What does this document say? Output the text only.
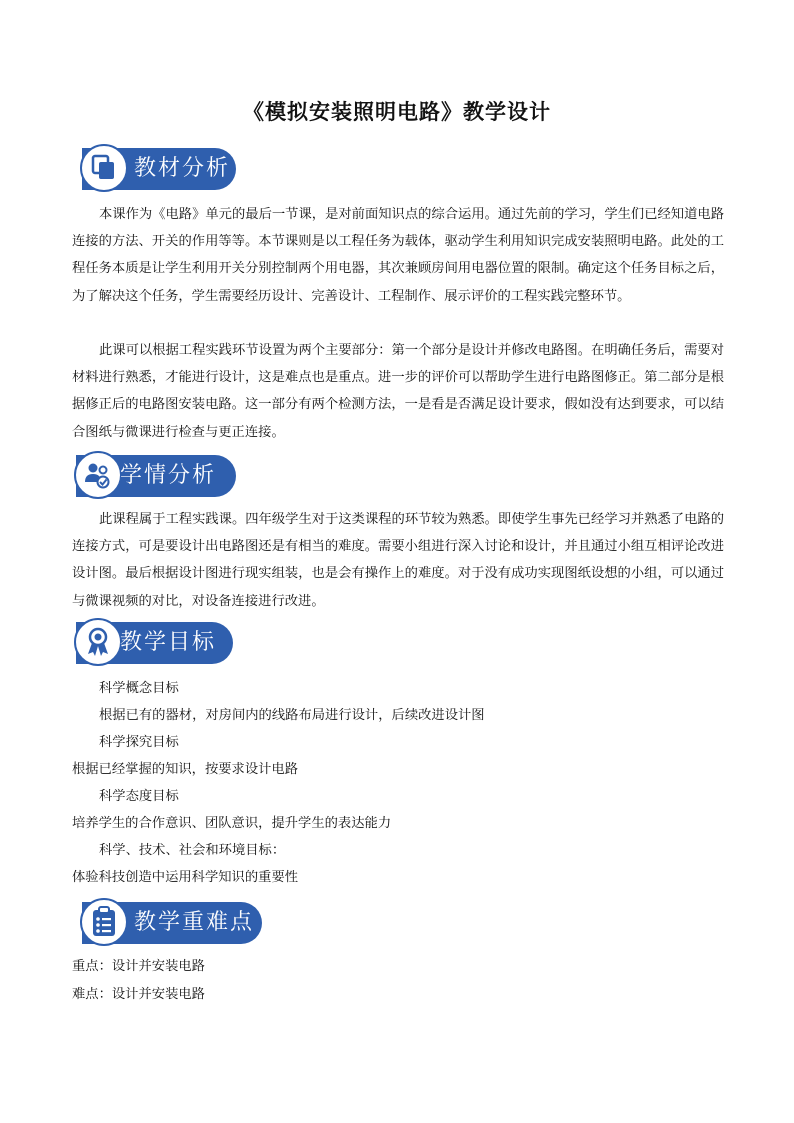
《模拟安装照明电路》教学设计
教材分析

本课作为《电路》单元的最后一节课，是对前面知识点的综合运用。通过先前的学习，学生们已经知道电路连接的方法、开关的作用等等。本节课则是以工程任务为载体，驱动学生利用知识完成安装照明电路。此处的工程任务本质是让学生利用开关分别控制两个用电器，其次兼顾房间用电器位置的限制。确定这个任务目标之后，为了解决这个任务，学生需要经历设计、完善设计、工程制作、展示评价的工程实践完整环节。

此课可以根据工程实践环节设置为两个主要部分：第一个部分是设计并修改电路图。在明确任务后，需要对材料进行熟悉，才能进行设计，这是难点也是重点。进一步的评价可以帮助学生进行电路图修正。第二部分是根据修正后的电路图安装电路。这一部分有两个检测方法，一是看是否满足设计要求，假如没有达到要求，可以结合图纸与微课进行检查与更正连接。

学情分析

此课程属于工程实践课。四年级学生对于这类课程的环节较为熟悉。即使学生事先已经学习并熟悉了电路的连接方式，可是要设计出电路图还是有相当的难度。需要小组进行深入讨论和设计，并且通过小组互相评论改进设计图。最后根据设计图进行现实组装，也是会有操作上的难度。对于没有成功实现图纸设想的小组，可以通过与微课视频的对比，对设备连接进行改进。

教学目标
科学概念目标
根据已有的器材，对房间内的线路布局进行设计，后续改进设计图
科学探究目标
根据已经掌握的知识，按要求设计电路
科学态度目标
培养学生的合作意识、团队意识，提升学生的表达能力
科学、技术、社会和环境目标：
体验科技创造中运用科学知识的重要性
教学重难点
重点：设计并安装电路
难点：设计并安装电路
